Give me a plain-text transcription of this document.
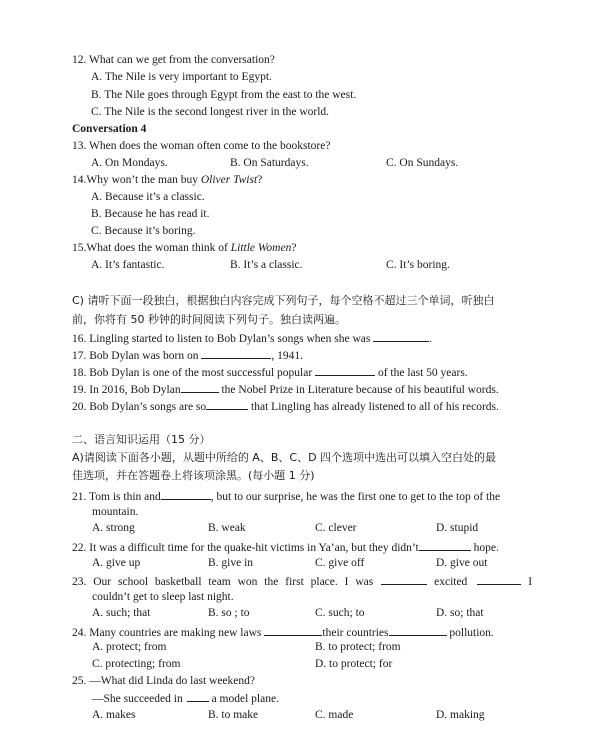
12. What can we get from the conversation?
A. The Nile is very important to Egypt.
B. The Nile goes through Egypt from the east to the west.
C. The Nile is the second longest river in the world.
Conversation 4
13. When does the woman often come to the bookstore?
A. On Mondays.	B. On Saturdays.	C. On Sundays.
14.Why won’t the man buy Oliver Twist?
A. Because it’s a classic.
B. Because he has read it.
C. Because it’s boring.
15.What does the woman think of Little Women?
A. It’s fantastic.	B. It’s a classic.	C. It’s boring.
C) 请听下面一段独白，根据独白内容完成下列句子，每个空格不超过三个单词，听独白
前，你将有 50 秒钟的时间阅读下列句子。独白读两遍。
16. Lingling started to listen to Bob Dylan’s songs when she was	.
17. Bob Dylan was born on	, 1941.
18. Bob Dylan is one of the most successful popular	of the last 50 years.
19. In 2016, Bob Dylan	the Nobel Prize in Literature because of his beautiful words.
20. Bob Dylan’s songs are so	that Lingling has already listened to all of his records.
二、语言知识运用（15 分）
A)请阅读下面各小题，从题中所给的 A、B、C、D 四个选项中选出可以填入空白处的最
佳选项，并在答题卷上将该项涂黑。(每小题 1 分)
21. Tom is thin and	, but to our surprise, he was the first one to get to the top of the
mountain.
A. strong	B. weak	C. clever	D. stupid
22. It was a difficult time for the quake-hit victims in Ya’an, but they didn’t	hope.
A. give up	B. give in	C. give off	D. give out
23. Our school basketball team won the first place. I was	excited	I
couldn’t get to sleep last night.
A. such; that	B. so ; to	C. such; to	D. so; that
24. Many countries are making new laws	their countries	pollution.
A. protect; from	B. to protect; from
C. protecting; from	D. to protect; for
25. —What did Linda do last weekend?
—She succeeded in a model plane.
A. makes	B. to make	C. made	D. making
